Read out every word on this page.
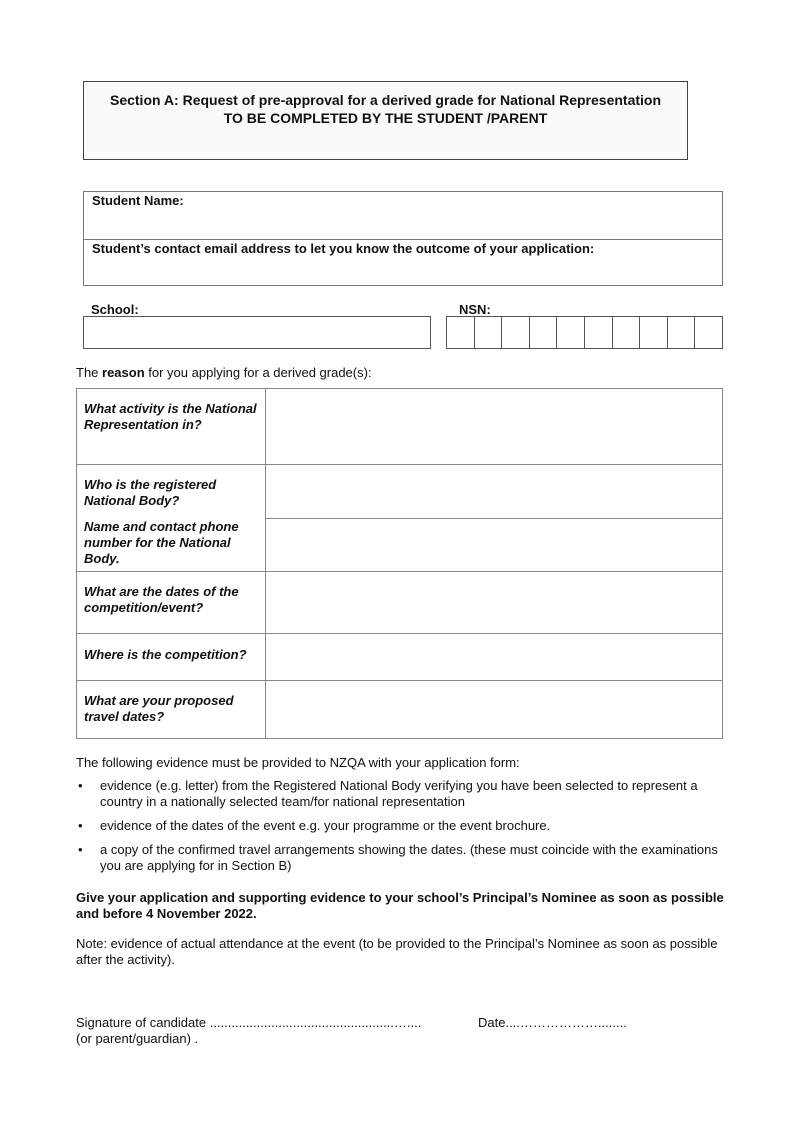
Section A: Request of pre-approval for a derived grade for National Representation
TO BE COMPLETED BY THE STUDENT /PARENT
Student Name:
Student’s contact email address to let you know the outcome of your application:
School:	NSN:
The reason for you applying for a derived grade(s):

What activity is the National Representation in?

Who is the registered National Body?

Name and contact phone number for the National Body.

What are the dates of the competition/event?

Where is the competition?

What are your proposed travel dates?

The following evidence must be provided to NZQA with your application form:
• evidence (e.g. letter) from the Registered National Body verifying you have been selected to represent a country in a nationally selected team/for national representation
• evidence of the dates of the event e.g. your programme or the event brochure.
• a copy of the confirmed travel arrangements showing the dates. (these must coincide with the examinations you are applying for in Section B)
Give your application and supporting evidence to your school’s Principal’s Nominee as soon as possible and before 4 November 2022.
Note: evidence of actual attendance at the event (to be provided to the Principal’s Nominee as soon as possible after the activity).
Signature of candidate ...................................................…....
(or parent/guardian) .
Date....………………........
